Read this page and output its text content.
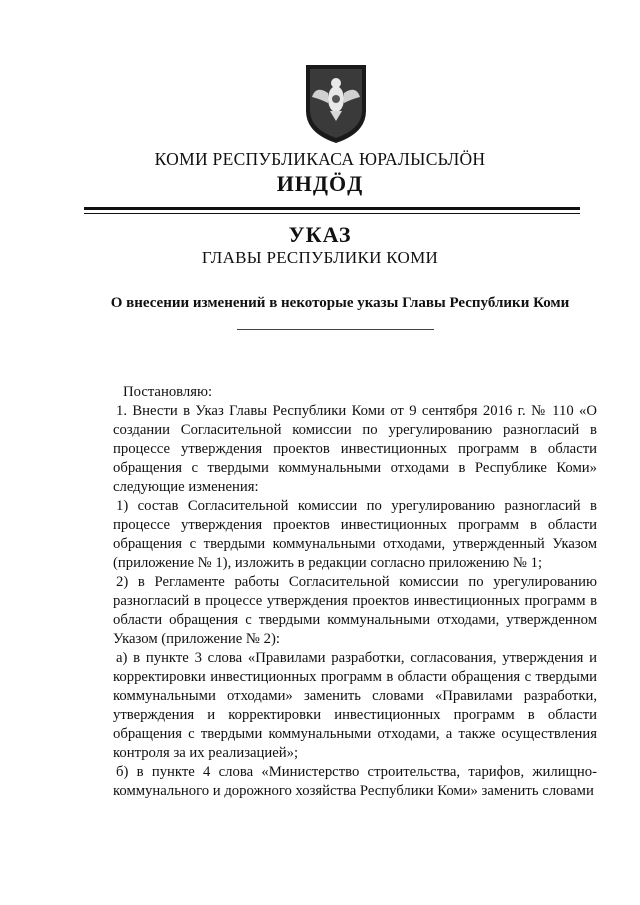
КОМИ РЕСПУБЛИКАСА ЮРАЛЫСЬЛӦН
ИНДӦД
УКАЗ
ГЛАВЫ РЕСПУБЛИКИ КОМИ
О внесении изменений в некоторые указы Главы Республики Коми

Постановляю:

1. Внести в Указ Главы Республики Коми от 9 сентября 2016 г. № 110 «О создании Согласительной комиссии по урегулированию разногласий в процессе утверждения проектов инвестиционных программ в области обращения с твердыми коммунальными отходами в Республике Коми» следующие изменения:

1) состав Согласительной комиссии по урегулированию разногласий в процессе утверждения проектов инвестиционных программ в области обращения с твердыми коммунальными отходами, утвержденный Указом (приложение № 1), изложить в редакции согласно приложению № 1;

2) в Регламенте работы Согласительной комиссии по урегулированию разногласий в процессе утверждения проектов инвестиционных программ в области обращения с твердыми коммунальными отходами, утвержденном Указом (приложение № 2):

а) в пункте 3 слова «Правилами разработки, согласования, утверждения и корректировки инвестиционных программ в области обращения с твердыми коммунальными отходами» заменить словами «Правилами разработки, утверждения и корректировки инвестиционных программ в области обращения с твердыми коммунальными отходами, а также осуществления контроля за их реализацией»;

б) в пункте 4 слова «Министерство строительства, тарифов, жилищно-коммунального и дорожного хозяйства Республики Коми» заменить словами
